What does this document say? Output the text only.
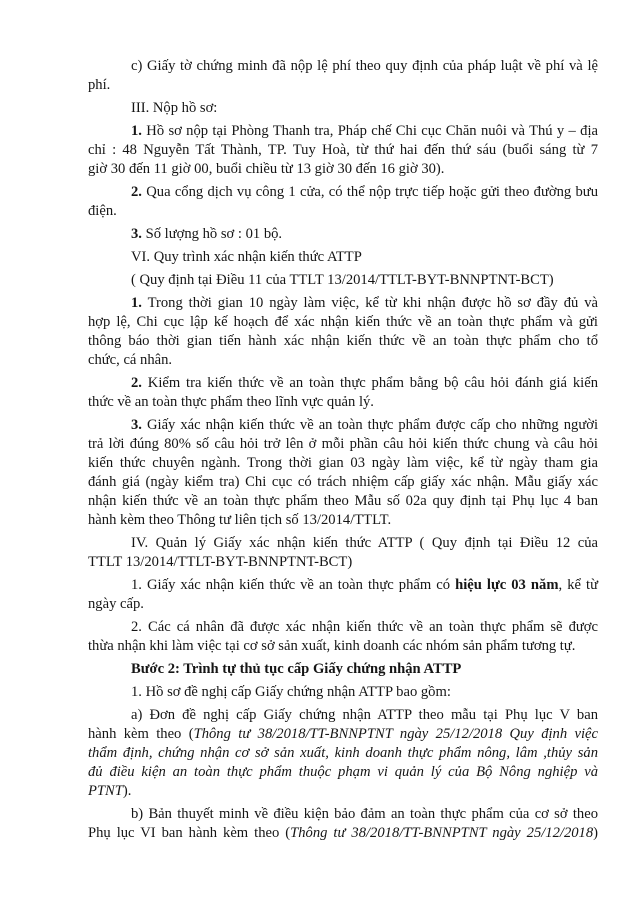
c) Giấy tờ chứng minh đã nộp lệ phí theo quy định của pháp luật về phí và lệ
phí.
III. Nộp hồ sơ:
1. Hồ sơ nộp tại Phòng Thanh tra, Pháp chế Chi cục Chăn nuôi và Thú y – địa
chỉ : 48 Nguyễn Tất Thành, TP. Tuy Hoà, từ thứ hai đến thứ sáu (buổi sáng từ 7
giờ 30 đến 11 giờ 00, buổi chiều từ 13 giờ 30 đến 16 giờ 30).
2. Qua cổng dịch vụ công 1 cửa, có thể nộp trực tiếp hoặc gửi theo đường bưu
điện.
3. Số lượng hồ sơ : 01 bộ.
VI. Quy trình xác nhận kiến thức ATTP
( Quy định tại Điều 11 của TTLT 13/2014/TTLT-BYT-BNNPTNT-BCT)
1. Trong thời gian 10 ngày làm việc, kể từ khi nhận được hồ sơ đầy đủ và
hợp lệ, Chi cục lập kế hoạch để xác nhận kiến thức về an toàn thực phẩm và gửi
thông báo thời gian tiến hành xác nhận kiến thức về an toàn thực phẩm cho tổ
chức, cá nhân.
2. Kiểm tra kiến thức về an toàn thực phẩm bằng bộ câu hỏi đánh giá kiến
thức về an toàn thực phẩm theo lĩnh vực quản lý.
3. Giấy xác nhận kiến thức về an toàn thực phẩm được cấp cho những người
trả lời đúng 80% số câu hỏi trở lên ở mỗi phần câu hỏi kiến thức chung và câu hỏi
kiến thức chuyên ngành. Trong thời gian 03 ngày làm việc, kể từ ngày tham gia
đánh giá (ngày kiểm tra) Chi cục có trách nhiệm cấp giấy xác nhận. Mẫu giấy xác
nhận kiến thức về an toàn thực phẩm theo Mẫu số 02a quy định tại Phụ lục 4 ban
hành kèm theo Thông tư liên tịch số 13/2014/TTLT.
IV. Quản lý Giấy xác nhận kiến thức ATTP ( Quy định tại Điều 12 của
TTLT 13/2014/TTLT-BYT-BNNPTNT-BCT)
1. Giấy xác nhận kiến thức về an toàn thực phẩm có hiệu lực 03 năm, kể từ
ngày cấp.
2. Các cá nhân đã được xác nhận kiến thức về an toàn thực phẩm sẽ được
thừa nhận khi làm việc tại cơ sở sản xuất, kinh doanh các nhóm sản phẩm tương tự.
Bước 2: Trình tự thủ tục cấp Giấy chứng nhận ATTP
1. Hồ sơ đề nghị cấp Giấy chứng nhận ATTP bao gồm:
a) Đơn đề nghị cấp Giấy chứng nhận ATTP theo mẫu tại Phụ lục V ban
hành kèm theo (Thông tư 38/2018/TT-BNNPTNT ngày 25/12/2018 Quy định việc
thẩm định, chứng nhận cơ sở sản xuất, kinh doanh thực phẩm nông, lâm ,thủy sản
đủ điều kiện an toàn thực phẩm thuộc phạm vi quản lý của Bộ Nông nghiệp và
PTNT).
b) Bản thuyết minh về điều kiện bảo đảm an toàn thực phẩm của cơ sở theo
Phụ lục VI ban hành kèm theo (Thông tư 38/2018/TT-BNNPTNT ngày 25/12/2018)
